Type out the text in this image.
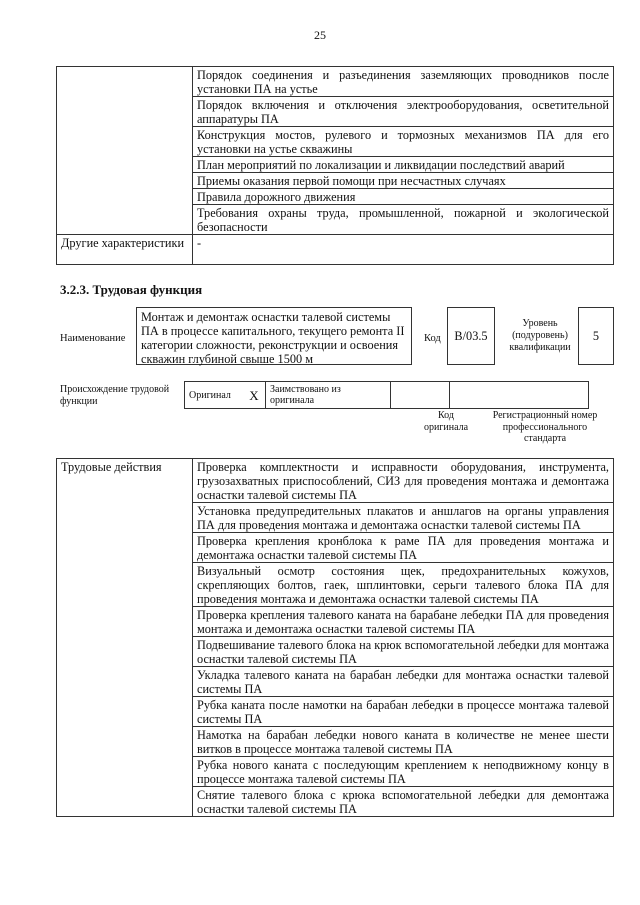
25
	Порядок соединения и разъединения заземляющих проводников после установки ПА на устье
	Порядок включения и отключения электрооборудования, осветительной аппаратуры ПА
	Конструкция мостов, рулевого и тормозных механизмов ПА для его установки на устье скважины
	План мероприятий по локализации и ликвидации последствий аварий
	Приемы оказания первой помощи при несчастных случаях
	Правила дорожного движения
	Требования охраны труда, промышленной, пожарной и экологической безопасности
Другие характеристики	-
3.2.3. Трудовая функция
Наименование
Монтаж и демонтаж оснастки талевой системы ПА в процессе капитального, текущего ремонта II категории сложности, реконструкции и освоения скважин глубиной свыше 1500 м
Код	B/03.5
Уровень (подуровень) квалификации
5
Происхождение трудовой функции
Оригинал	X	Заимствовано из оригинала		
Код оригинала
Регистрационный номер профессионального стандарта
Трудовые действия	Проверка комплектности и исправности оборудования, инструмента, грузозахватных приспособлений, СИЗ для проведения монтажа и демонтажа оснастки талевой системы ПА
Установка предупредительных плакатов и аншлагов на органы управления ПА для проведения монтажа и демонтажа оснастки талевой системы ПА
Проверка крепления кронблока к раме ПА для проведения монтажа и демонтажа оснастки талевой системы ПА
Визуальный осмотр состояния щек, предохранительных кожухов, скрепляющих болтов, гаек, шплинтовки, серьги талевого блока ПА для проведения монтажа и демонтажа оснастки талевой системы ПА
Проверка крепления талевого каната на барабане лебедки ПА для проведения монтажа и демонтажа оснастки талевой системы ПА
Подвешивание талевого блока на крюк вспомогательной лебедки для монтажа оснастки талевой системы ПА
Укладка талевого каната на барабан лебедки для монтажа оснастки талевой системы ПА
Рубка каната после намотки на барабан лебедки в процессе монтажа талевой системы ПА
Намотка на барабан лебедки нового каната в количестве не менее шести витков в процессе монтажа талевой системы ПА
Рубка нового каната с последующим креплением к неподвижному концу в процессе монтажа талевой системы ПА
Снятие талевого блока с крюка вспомогательной лебедки для демонтажа оснастки талевой системы ПА
